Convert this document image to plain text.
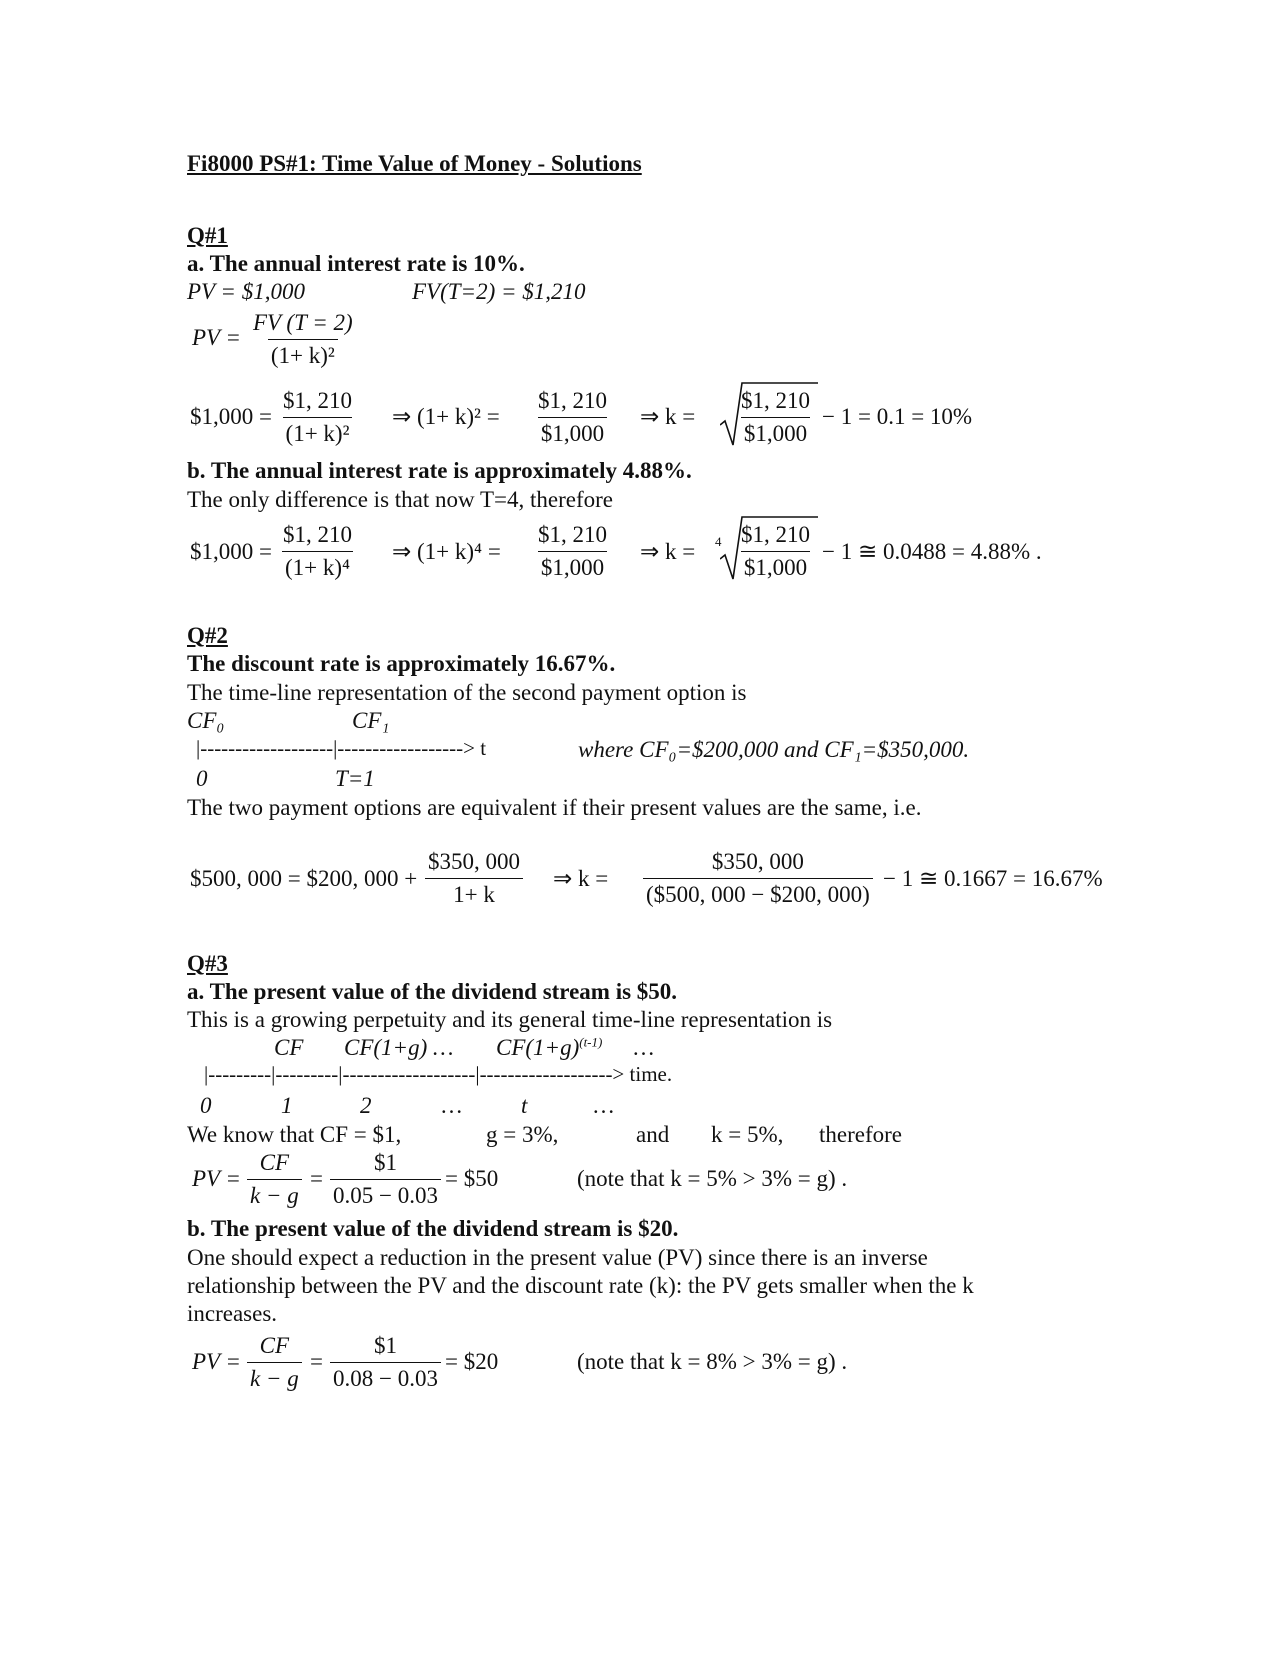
Fi8000 PS#1: Time Value of Money - Solutions
Q#1
a. The annual interest rate is 10%.
PV = $1,000	FV(T=2) = $1,210
PV = $\frac{FV (T = 2)}{\text{(1+ k)²}}$
$1,000 = $\frac{\$1, 210}{\text{(1+ k)²}}$ ⇒ $(1+ k)^2 = \frac{\$1, 210}{\$1,000}$ ⇒ $k = \frac{\$1, 210}{\$1,000} - 1 = 0.1 = 10\%$
b. The annual interest rate is approximately 4.88%.
The only difference is that now T=4, therefore
$1,000 = $\frac{\$1, 210}{\text{(1+ k)⁴}}$ ⇒ $(1+ k)^4 = \frac{\$1, 210}{\$1,000}$ ⇒ $k = 4 \frac{\$1, 210}{\$1,000} - 1$ ≅ 0.0488 = 4.88% .
Q#2
The discount rate is approximately 16.67%.
The time-line representation of the second payment option is
CF₀	CF₁
|-------------------|------------------> t	where CF₀=$200,000 and CF₁=$350,000.
0	T=1
The two payment options are equivalent if their present values are the same, i.e.
$500, 000 = $200, $000 + \frac{\$350, 000}{1+ k}$ ⇒ $k = \frac{\$350, 000}{(\$500, 000 - \$200, 000)} - 1$ ≅ 0.1667 = 16.67%
Q#3
a. The present value of the dividend stream is $50.
This is a growing perpetuity and its general time-line representation is
CF CF(1+g) … $CF(1+g)^{(t-1)}$ …
|---------|---------|-------------------|-------------------> time.
0	1	2	…	t	…
We know that CF = $1,	g = 3%,	and k = 5%, therefore
PV = $\frac{CF}{k - g} = \frac{\$1}{0.05 - 0.03}$ = $50	(note that k = 5% > 3% = g) .
b. The present value of the dividend stream is $20.
One should expect a reduction in the present value (PV) since there is an inverse
relationship between the PV and the discount rate (k): the PV gets smaller when the k
increases.
PV = $\frac{CF}{k - g} = \frac{\$1}{0.08 - 0.03}$ = $20	(note that k = 8% > 3% = g) .
